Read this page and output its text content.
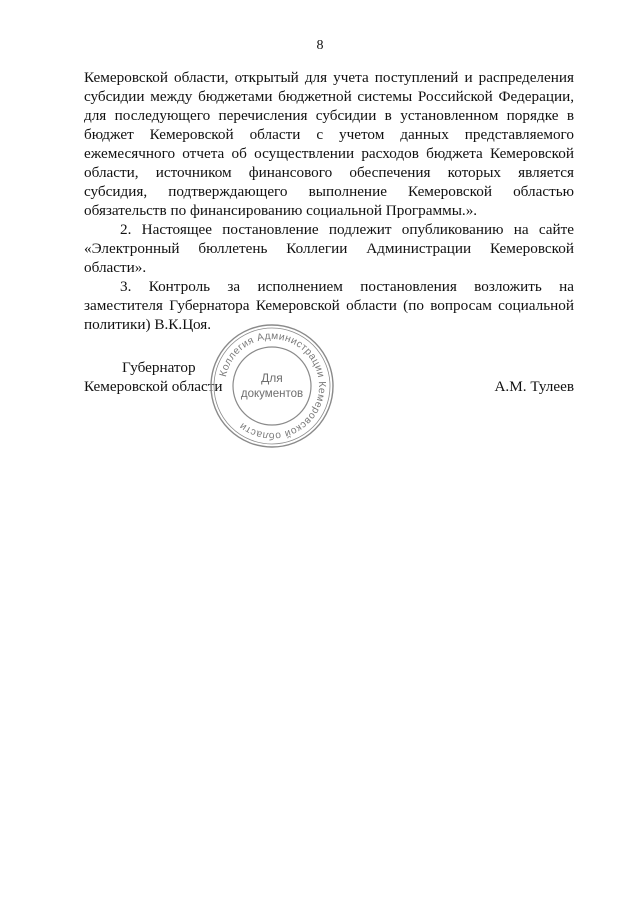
8

Кемеровской области, открытый для учета поступлений и распределения субсидии между бюджетами бюджетной системы Российской Федерации, для последующего перечисления субсидии в установленном порядке в бюджет Кемеровской области с учетом данных представляемого ежемесячного отчета об осуществлении расходов бюджета Кемеровской области, источником финансового обеспечения которых является субсидия, подтверждающего выполнение Кемеровской областью обязательств по финансированию социальной Программы.».

2. Настоящее постановление подлежит опубликованию на сайте «Электронный бюллетень Коллегии Администрации Кемеровской области».

3. Контроль за исполнением постановления возложить на заместителя Губернатора Кемеровской области (по вопросам социальной политики) В.К.Цоя.

Губернатор
Кемеровской области	А.М. Тулеев
Коллегия Администрации Кемеровской области
Для
документов
